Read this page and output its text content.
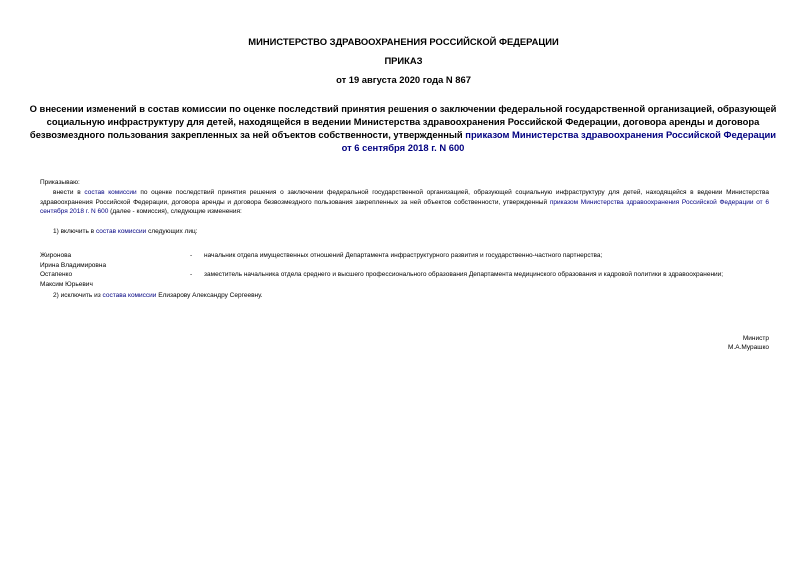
МИНИСТЕРСТВО ЗДРАВООХРАНЕНИЯ РОССИЙСКОЙ ФЕДЕРАЦИИ
ПРИКАЗ
от 19 августа 2020 года N 867
О внесении изменений в состав комиссии по оценке последствий принятия решения о заключении федеральной государственной организацией, образующей социальную инфраструктуру для детей, находящейся в ведении Министерства здравоохранения Российской Федерации, договора аренды и договора безвозмездного пользования закрепленных за ней объектов собственности, утвержденный приказом Министерства здравоохранения Российской Федерации от 6 сентября 2018 г. N 600
Приказываю:
внести в состав комиссии по оценке последствий принятия решения о заключении федеральной государственной организацией, образующей социальную инфраструктуру для детей, находящейся в ведении Министерства здравоохранения Российской Федерации, договора аренды и договора безвозмездного пользования закрепленных за ней объектов собственности, утвержденный приказом Министерства здравоохранения Российской Федерации от 6 сентября 2018 г. N 600 (далее - комиссия), следующие изменения:
1) включить в состав комиссии следующих лиц:
Жиронова
Ирина Владимировна
- начальник отдела имущественных отношений Департамента инфраструктурного развития и государственно-частного партнерства;
Остапенко
Максим Юрьевич
- заместитель начальника отдела среднего и высшего профессионального образования Департамента медицинского образования и кадровой политики в здравоохранении;
2) исключить из состава комиссии Елизарову Александру Сергеевну.
Министр
М.А.Мурашко
